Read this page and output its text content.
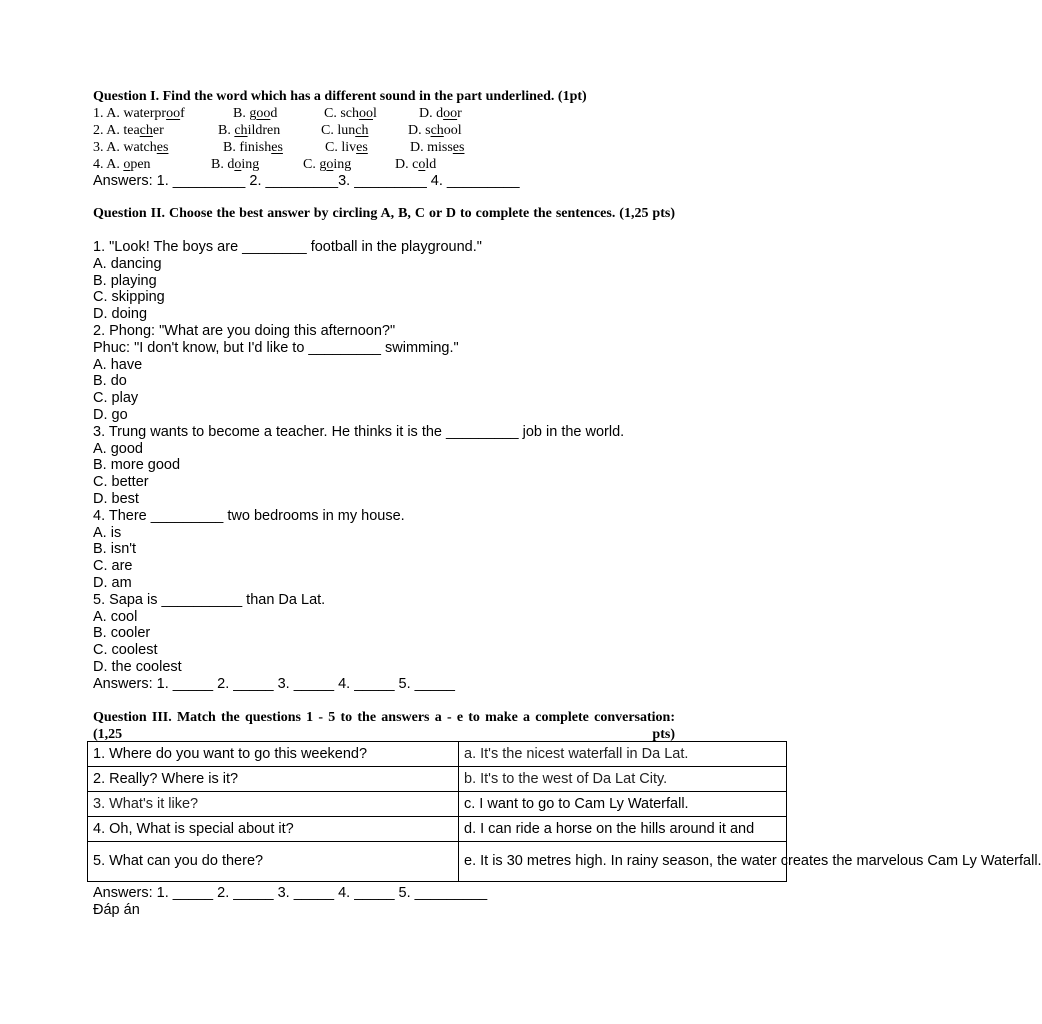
Question I. Find the word which has a different sound in the part underlined. (1pt)
1. A. waterproof	B. good	C. school	D. door
2. A. teacher	B. children	C. lunch	D. school
3. A. watches	B. finishes	C. lives	D. misses
4. A. open	B. doing	C. going	D. cold
Answers: 1. _________ 2. _________3. _________ 4. _________
Question II. Choose the best answer by circling A, B, C or D to complete the sentences. (1,25 pts)
1. "Look! The boys are ________ football in the playground."
A. dancing
B. playing
C. skipping
D. doing
2. Phong: "What are you doing this afternoon?"
Phuc: "I don't know, but I'd like to _________ swimming."
A. have
B. do
C. play
D. go
3. Trung wants to become a teacher. He thinks it is the _________ job in the world.
A. good
B. more good
C. better
D. best
4. There _________ two bedrooms in my house.
A. is
B. isn't
C. are
D. am
5. Sapa is __________ than Da Lat.
A. cool
B. cooler
C. coolest
D. the coolest
Answers: 1. _____ 2. _____ 3. _____ 4. _____ 5. _____
Question III. Match the questions 1 - 5 to the answers a - e to make a complete conversation: (1,25 pts)
1. Where do you want to go this weekend?	a. It's the nicest waterfall in Da Lat.
2. Really? Where is it?	b. It's to the west of Da Lat City.
3. What's it like?	c. I want to go to Cam Ly Waterfall.
4. Oh, What is special about it?	d. I can ride a horse on the hills around it and
5. What can you do there?	e. It is 30 metres high. In rainy season, the water creates the marvelous Cam Ly Waterfall.
Answers: 1. _____ 2. _____ 3. _____ 4. _____ 5. _________
Đáp án
